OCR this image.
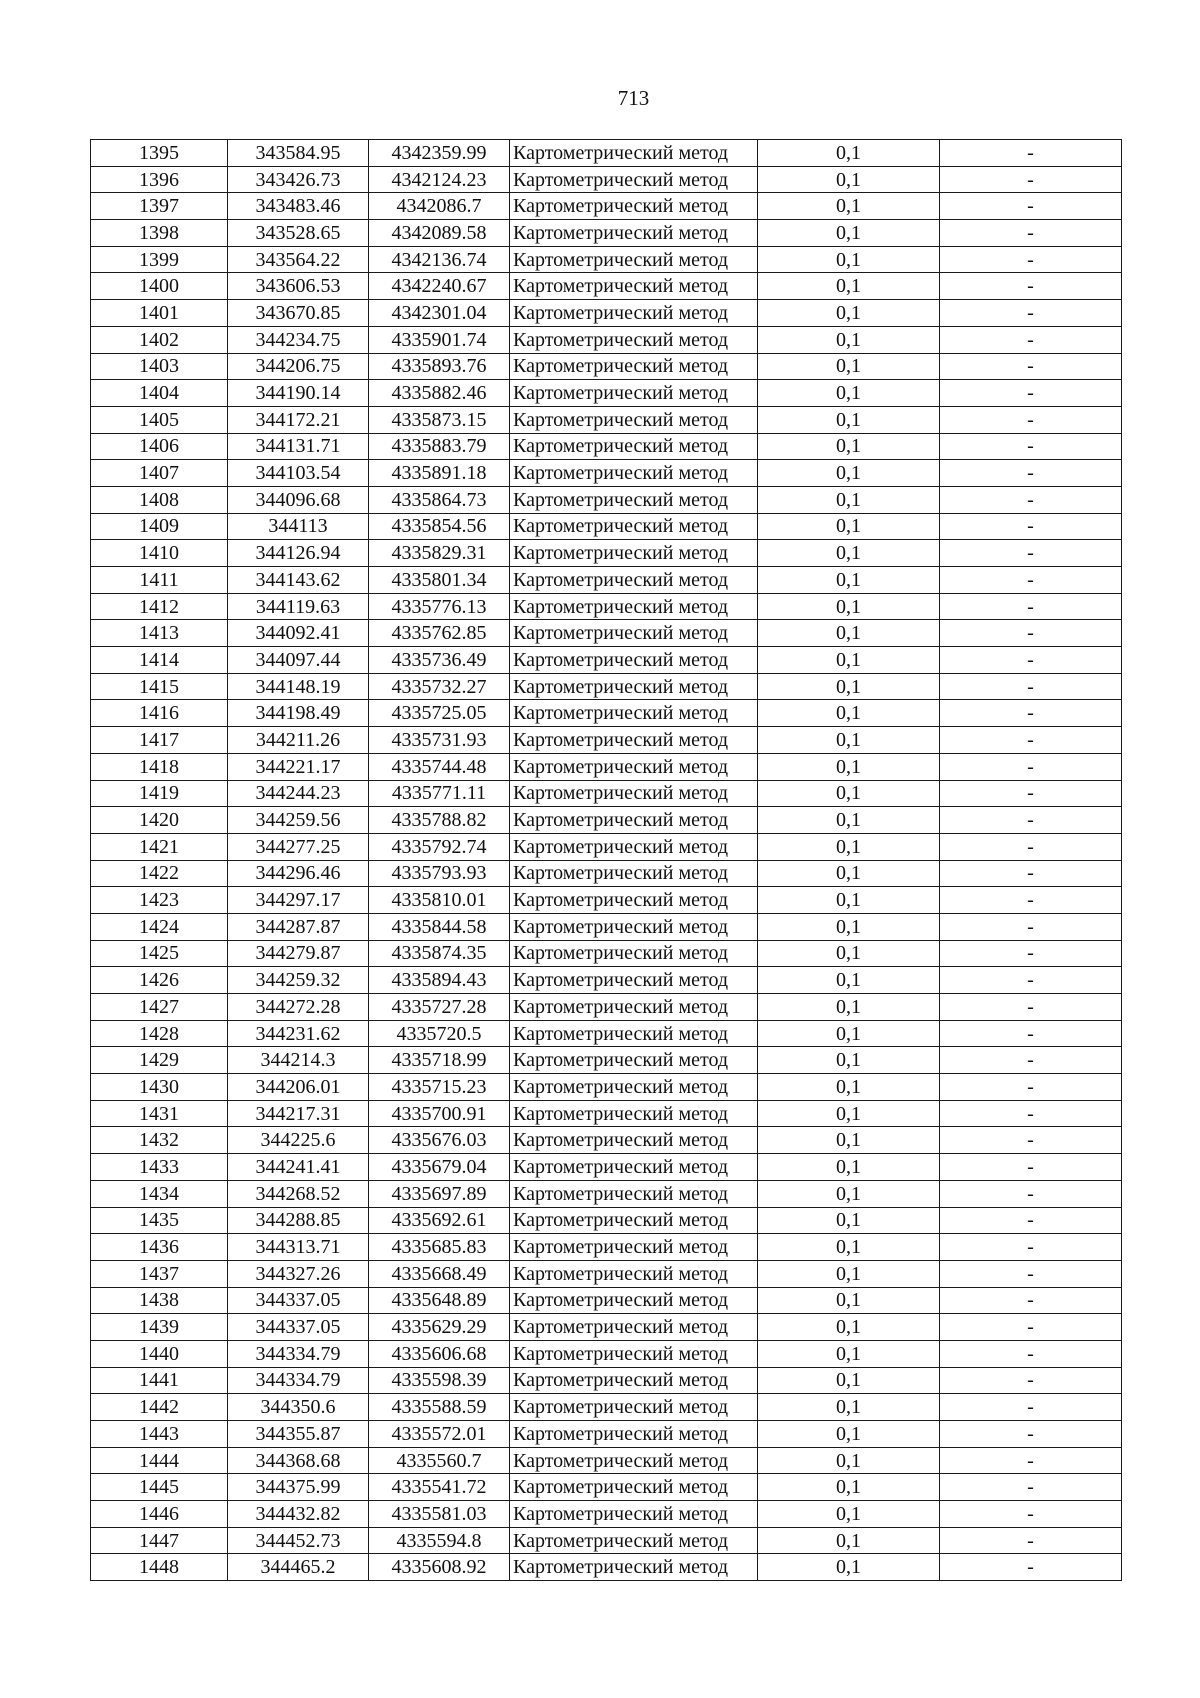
713
1395	343584.95	4342359.99	Картометрический метод	0,1	-
1396	343426.73	4342124.23	Картометрический метод	0,1	-
1397	343483.46	4342086.7	Картометрический метод	0,1	-
1398	343528.65	4342089.58	Картометрический метод	0,1	-
1399	343564.22	4342136.74	Картометрический метод	0,1	-
1400	343606.53	4342240.67	Картометрический метод	0,1	-
1401	343670.85	4342301.04	Картометрический метод	0,1	-
1402	344234.75	4335901.74	Картометрический метод	0,1	-
1403	344206.75	4335893.76	Картометрический метод	0,1	-
1404	344190.14	4335882.46	Картометрический метод	0,1	-
1405	344172.21	4335873.15	Картометрический метод	0,1	-
1406	344131.71	4335883.79	Картометрический метод	0,1	-
1407	344103.54	4335891.18	Картометрический метод	0,1	-
1408	344096.68	4335864.73	Картометрический метод	0,1	-
1409	344113	4335854.56	Картометрический метод	0,1	-
1410	344126.94	4335829.31	Картометрический метод	0,1	-
1411	344143.62	4335801.34	Картометрический метод	0,1	-
1412	344119.63	4335776.13	Картометрический метод	0,1	-
1413	344092.41	4335762.85	Картометрический метод	0,1	-
1414	344097.44	4335736.49	Картометрический метод	0,1	-
1415	344148.19	4335732.27	Картометрический метод	0,1	-
1416	344198.49	4335725.05	Картометрический метод	0,1	-
1417	344211.26	4335731.93	Картометрический метод	0,1	-
1418	344221.17	4335744.48	Картометрический метод	0,1	-
1419	344244.23	4335771.11	Картометрический метод	0,1	-
1420	344259.56	4335788.82	Картометрический метод	0,1	-
1421	344277.25	4335792.74	Картометрический метод	0,1	-
1422	344296.46	4335793.93	Картометрический метод	0,1	-
1423	344297.17	4335810.01	Картометрический метод	0,1	-
1424	344287.87	4335844.58	Картометрический метод	0,1	-
1425	344279.87	4335874.35	Картометрический метод	0,1	-
1426	344259.32	4335894.43	Картометрический метод	0,1	-
1427	344272.28	4335727.28	Картометрический метод	0,1	-
1428	344231.62	4335720.5	Картометрический метод	0,1	-
1429	344214.3	4335718.99	Картометрический метод	0,1	-
1430	344206.01	4335715.23	Картометрический метод	0,1	-
1431	344217.31	4335700.91	Картометрический метод	0,1	-
1432	344225.6	4335676.03	Картометрический метод	0,1	-
1433	344241.41	4335679.04	Картометрический метод	0,1	-
1434	344268.52	4335697.89	Картометрический метод	0,1	-
1435	344288.85	4335692.61	Картометрический метод	0,1	-
1436	344313.71	4335685.83	Картометрический метод	0,1	-
1437	344327.26	4335668.49	Картометрический метод	0,1	-
1438	344337.05	4335648.89	Картометрический метод	0,1	-
1439	344337.05	4335629.29	Картометрический метод	0,1	-
1440	344334.79	4335606.68	Картометрический метод	0,1	-
1441	344334.79	4335598.39	Картометрический метод	0,1	-
1442	344350.6	4335588.59	Картометрический метод	0,1	-
1443	344355.87	4335572.01	Картометрический метод	0,1	-
1444	344368.68	4335560.7	Картометрический метод	0,1	-
1445	344375.99	4335541.72	Картометрический метод	0,1	-
1446	344432.82	4335581.03	Картометрический метод	0,1	-
1447	344452.73	4335594.8	Картометрический метод	0,1	-
1448	344465.2	4335608.92	Картометрический метод	0,1	-
